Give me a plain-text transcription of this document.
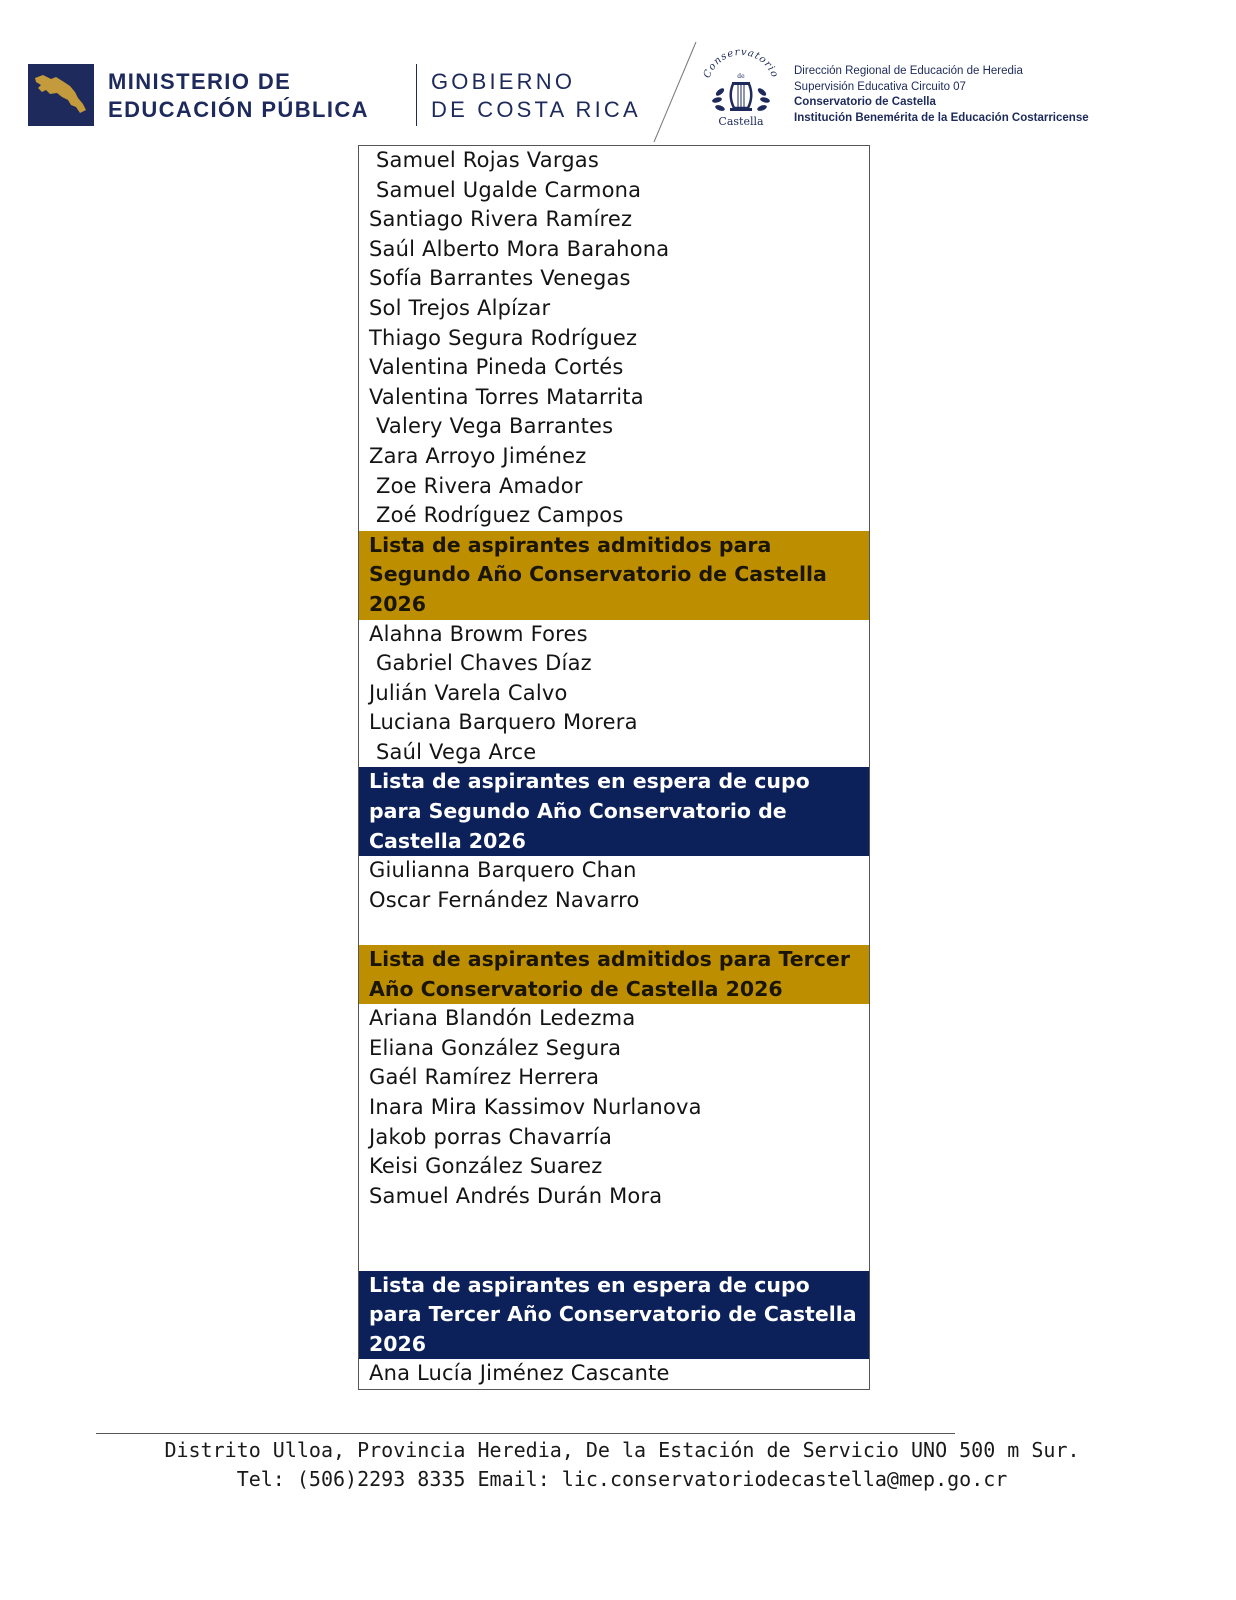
MINISTERIO DE
EDUCACIÓN PÚBLICA
GOBIERNO
DE COSTA RICA
Conservatorio
de
Castella
Dirección Regional de Educación de Heredia
Supervisión Educativa Circuito 07
Conservatorio de Castella
Institución Benemérita de la Educación Costarricense
Samuel Rojas Vargas
Samuel Ugalde Carmona
Santiago Rivera Ramírez
Saúl Alberto Mora Barahona
Sofía Barrantes Venegas
Sol Trejos Alpízar
Thiago Segura Rodríguez
Valentina Pineda Cortés
Valentina Torres Matarrita
Valery Vega Barrantes
Zara Arroyo Jiménez
Zoe Rivera Amador
Zoé Rodríguez Campos
Lista de aspirantes admitidos para Segundo Año Conservatorio de Castella 2026
Alahna Browm Fores
Gabriel Chaves Díaz
Julián Varela Calvo
Luciana Barquero Morera
Saúl Vega Arce
Lista de aspirantes en espera de cupo para Segundo Año Conservatorio de Castella 2026
Giulianna Barquero Chan
Oscar Fernández Navarro
Lista de aspirantes admitidos para Tercer Año Conservatorio de Castella 2026
Ariana Blandón Ledezma
Eliana González Segura
Gaél Ramírez Herrera
Inara Mira Kassimov Nurlanova
Jakob porras Chavarría
Keisi González Suarez
Samuel Andrés Durán Mora
Lista de aspirantes en espera de cupo para Tercer Año Conservatorio de Castella 2026
Ana Lucía Jiménez Cascante
Distrito Ulloa, Provincia Heredia, De la Estación de Servicio UNO 500 m Sur.
Tel: (506)2293 8335 Email: lic.conservatoriodecastella@mep.go.cr
